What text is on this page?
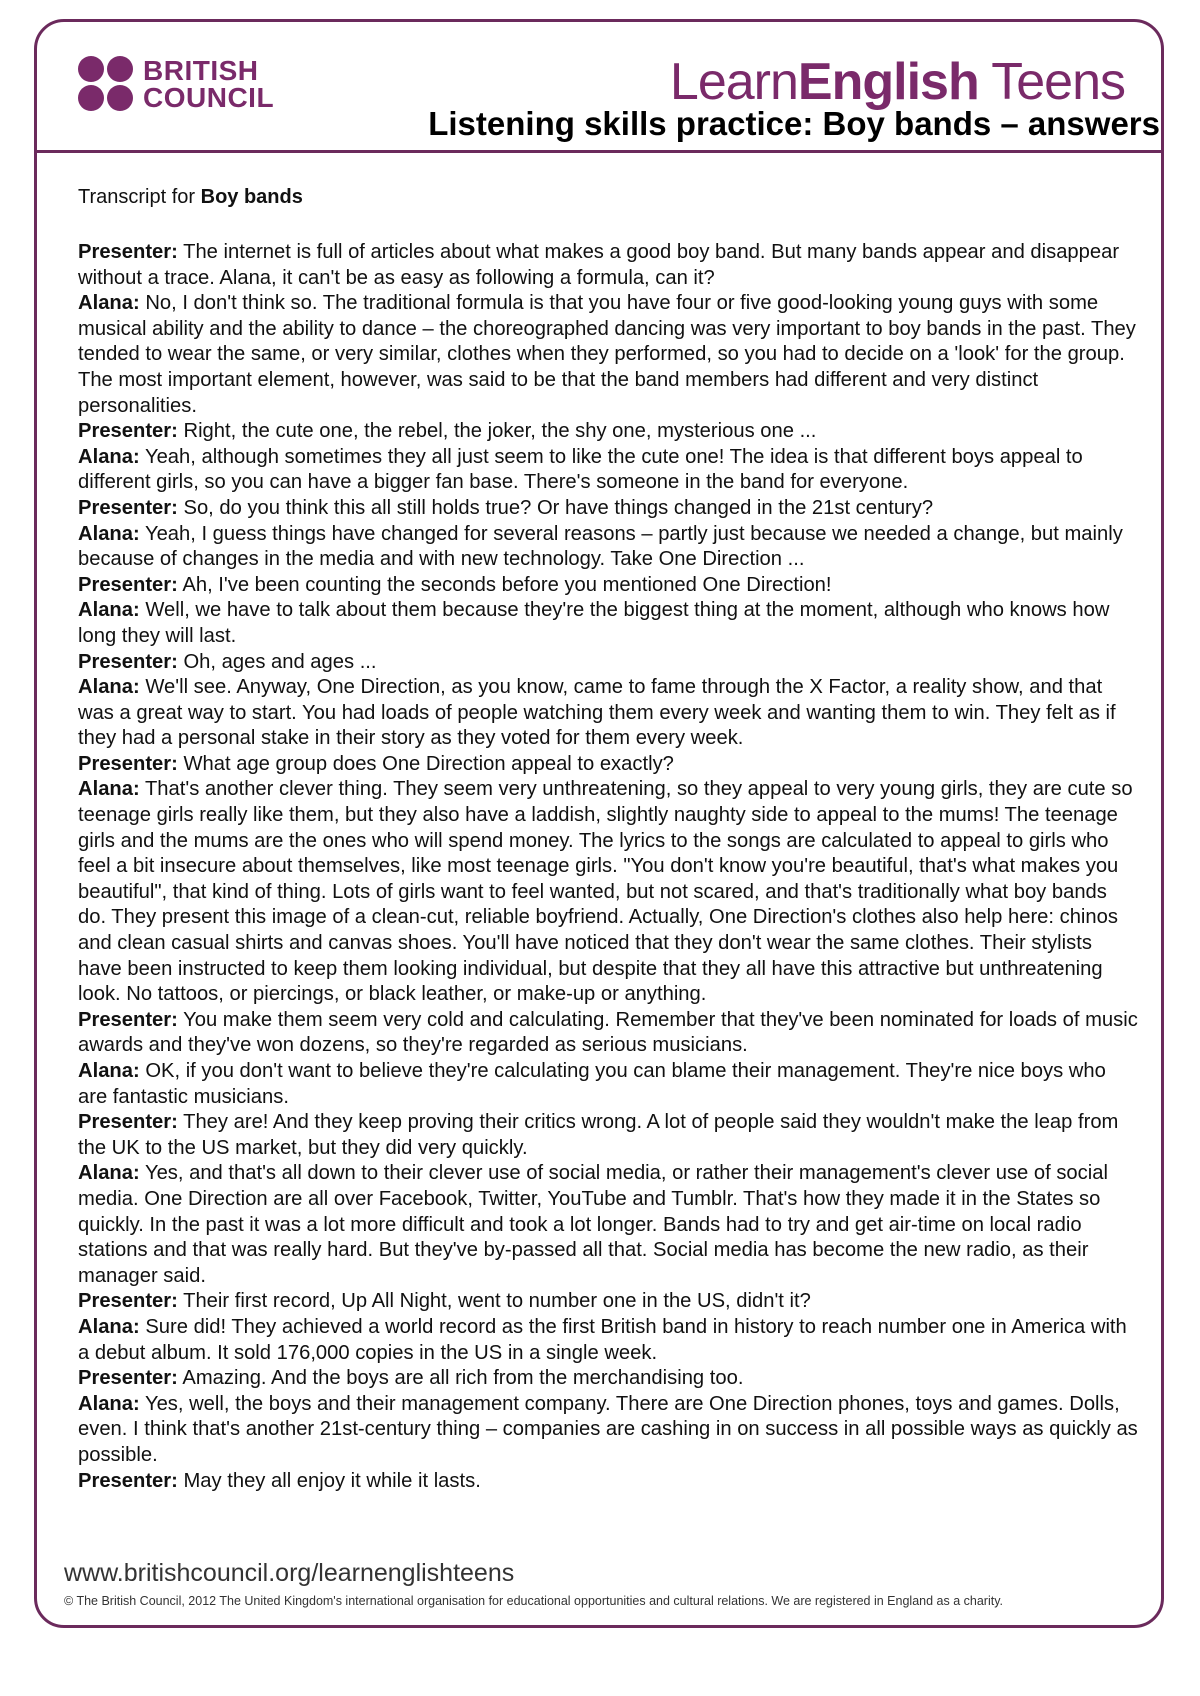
BRITISH
COUNCIL	LearnEnglish Teens
Listening skills practice: Boy bands – answers
Transcript for Boy bands

Presenter: The internet is full of articles about what makes a good boy band. But many bands appear and disappear without a trace. Alana, it can't be as easy as following a formula, can it?

Alana: No, I don't think so. The traditional formula is that you have four or five good-looking young guys with some musical ability and the ability to dance – the choreographed dancing was very important to boy bands in the past. They tended to wear the same, or very similar, clothes when they performed, so you had to decide on a 'look' for the group. The most important element, however, was said to be that the band members had different and very distinct personalities.

Presenter: Right, the cute one, the rebel, the joker, the shy one, mysterious one ...

Alana: Yeah, although sometimes they all just seem to like the cute one! The idea is that different boys appeal to different girls, so you can have a bigger fan base. There's someone in the band for everyone.

Presenter: So, do you think this all still holds true? Or have things changed in the 21st century?

Alana: Yeah, I guess things have changed for several reasons – partly just because we needed a change, but mainly because of changes in the media and with new technology. Take One Direction ...

Presenter: Ah, I've been counting the seconds before you mentioned One Direction!

Alana: Well, we have to talk about them because they're the biggest thing at the moment, although who knows how long they will last.

Presenter: Oh, ages and ages ...

Alana: We'll see. Anyway, One Direction, as you know, came to fame through the X Factor, a reality show, and that was a great way to start. You had loads of people watching them every week and wanting them to win. They felt as if they had a personal stake in their story as they voted for them every week.

Presenter: What age group does One Direction appeal to exactly?

Alana: That's another clever thing. They seem very unthreatening, so they appeal to very young girls, they are cute so teenage girls really like them, but they also have a laddish, slightly naughty side to appeal to the mums! The teenage girls and the mums are the ones who will spend money. The lyrics to the songs are calculated to appeal to girls who feel a bit insecure about themselves, like most teenage girls. "You don't know you're beautiful, that's what makes you beautiful", that kind of thing. Lots of girls want to feel wanted, but not scared, and that's traditionally what boy bands do. They present this image of a clean-cut, reliable boyfriend. Actually, One Direction's clothes also help here: chinos and clean casual shirts and canvas shoes. You'll have noticed that they don't wear the same clothes. Their stylists have been instructed to keep them looking individual, but despite that they all have this attractive but unthreatening look. No tattoos, or piercings, or black leather, or make-up or anything.

Presenter: You make them seem very cold and calculating. Remember that they've been nominated for loads of music awards and they've won dozens, so they're regarded as serious musicians.

Alana: OK, if you don't want to believe they're calculating you can blame their management. They're nice boys who are fantastic musicians.

Presenter: They are! And they keep proving their critics wrong. A lot of people said they wouldn't make the leap from the UK to the US market, but they did very quickly.

Alana: Yes, and that's all down to their clever use of social media, or rather their management's clever use of social media. One Direction are all over Facebook, Twitter, YouTube and Tumblr. That's how they made it in the States so quickly. In the past it was a lot more difficult and took a lot longer. Bands had to try and get air-time on local radio stations and that was really hard. But they've by-passed all that. Social media has become the new radio, as their manager said.

Presenter: Their first record, Up All Night, went to number one in the US, didn't it?

Alana: Sure did! They achieved a world record as the first British band in history to reach number one in America with a debut album. It sold 176,000 copies in the US in a single week.

Presenter: Amazing. And the boys are all rich from the merchandising too.

Alana: Yes, well, the boys and their management company. There are One Direction phones, toys and games. Dolls, even. I think that's another 21st-century thing – companies are cashing in on success in all possible ways as quickly as possible.

Presenter: May they all enjoy it while it lasts.

www.britishcouncil.org/learnenglishteens
© The British Council, 2012 The United Kingdom's international organisation for educational opportunities and cultural relations. We are registered in England as a charity.
